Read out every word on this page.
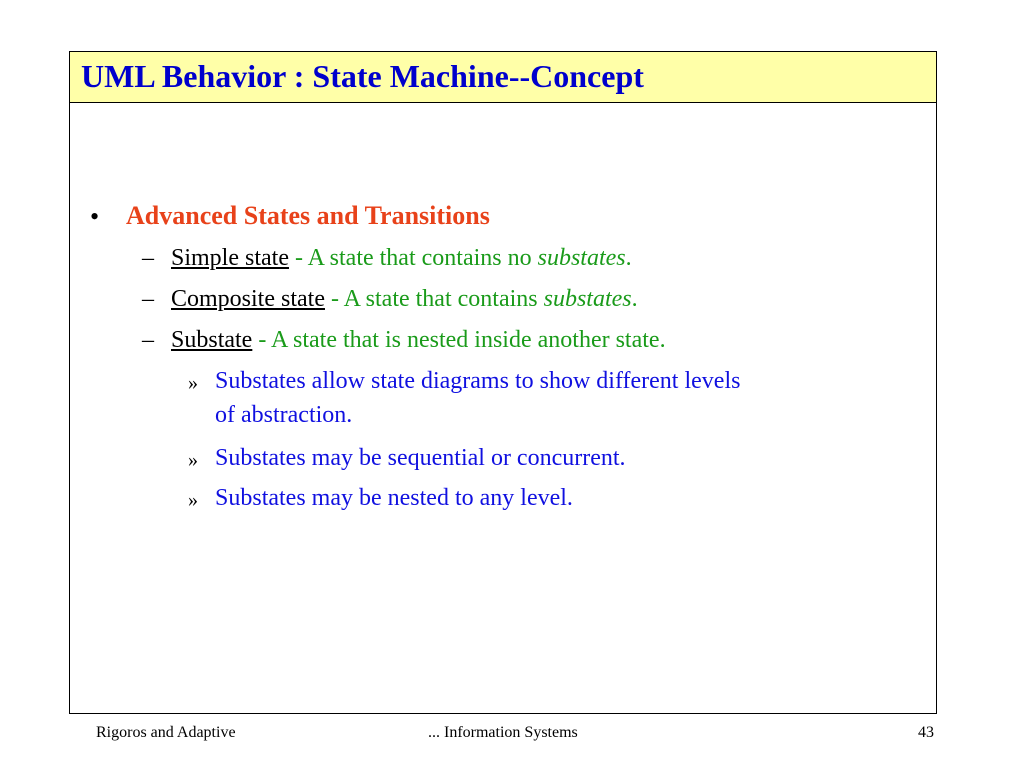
UML Behavior : State Machine--Concept
• Advanced States and Transitions
– Simple state - A state that contains no substates.
– Composite state - A state that contains substates.
– Substate - A state that is nested inside another state.
» Substates allow state diagrams to show different levels
of abstraction.
» Substates may be sequential or concurrent.
» Substates may be nested to any level.
Rigoros and Adaptive	... Information Systems	43
